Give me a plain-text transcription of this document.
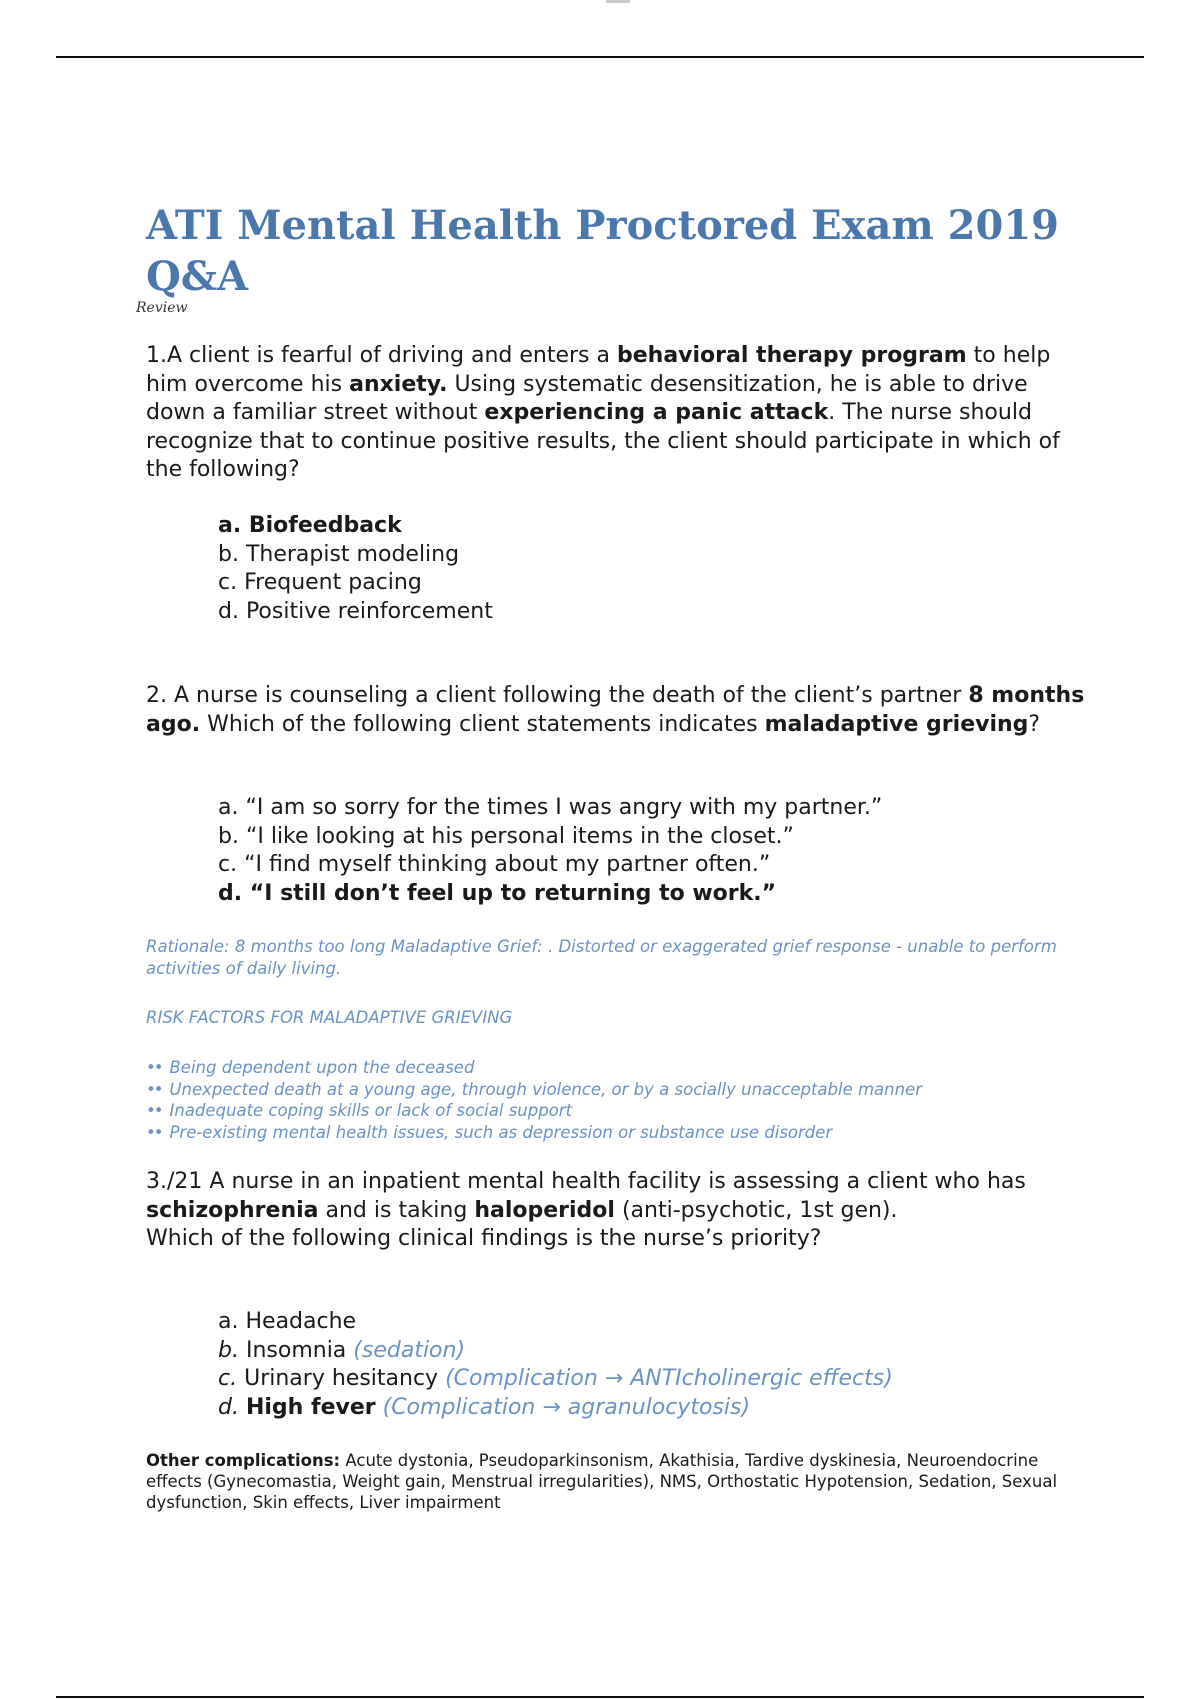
ATI Mental Health Proctored Exam 2019 Q&A

Review

1.A client is fearful of driving and enters a behavioral therapy program to help him overcome his anxiety. Using systematic desensitization, he is able to drive down a familiar street without experiencing a panic attack. The nurse should recognize that to continue positive results, the client should participate in which of the following?

a. Biofeedback
b. Therapist modeling
c. Frequent pacing
d. Positive reinforcement

2. A nurse is counseling a client following the death of the client’s partner 8 months ago. Which of the following client statements indicates maladaptive grieving?

a. “I am so sorry for the times I was angry with my partner.”
b. “I like looking at his personal items in the closet.”
c. “I find myself thinking about my partner often.”
d. “I still don’t feel up to returning to work.”

Rationale: 8 months too long Maladaptive Grief: . Distorted or exaggerated grief response - unable to perform activities of daily living.

RISK FACTORS FOR MALADAPTIVE GRIEVING

•• Being dependent upon the deceased
•• Unexpected death at a young age, through violence, or by a socially unacceptable manner
•• Inadequate coping skills or lack of social support
•• Pre-existing mental health issues, such as depression or substance use disorder

3./21 A nurse in an inpatient mental health facility is assessing a client who has schizophrenia and is taking haloperidol (anti-psychotic, 1st gen).
Which of the following clinical findings is the nurse’s priority?

a. Headache
b. Insomnia (sedation)
c. Urinary hesitancy (Complication → ANTIcholinergic effects)
d. High fever (Complication → agranulocytosis)

Other complications: Acute dystonia, Pseudoparkinsonism, Akathisia, Tardive dyskinesia, Neuroendocrine effects (Gynecomastia, Weight gain, Menstrual irregularities), NMS, Orthostatic Hypotension, Sedation, Sexual dysfunction, Skin effects, Liver impairment
